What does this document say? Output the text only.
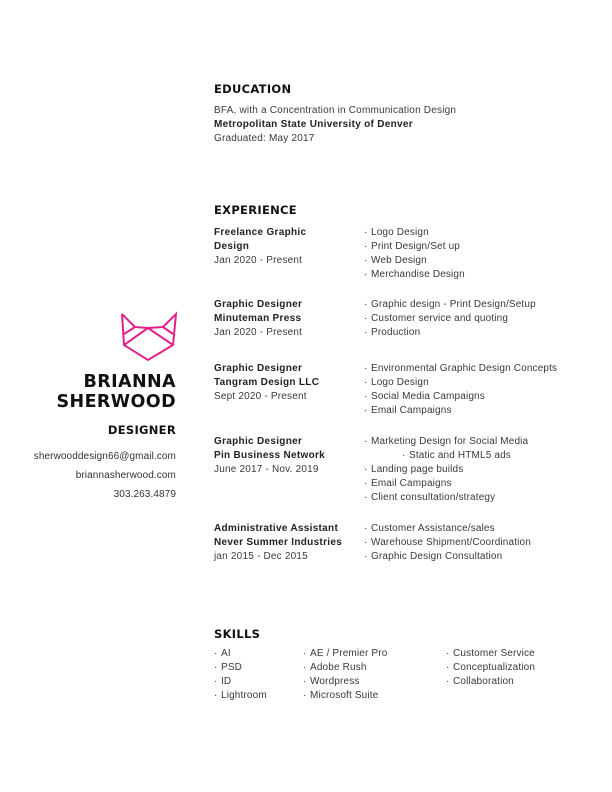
BRIANNA
SHERWOOD
DESIGNER
sherwooddesign66@gmail.com
briannasherwood.com
303.263.4879
EDUCATION
BFA, with a Concentration in Communication Design
Metropolitan State University of Denver
Graduated: May 2017
EXPERIENCE
Freelance Graphic
Design
Jan 2020 - Present
· Logo Design
· Print Design/Set up
· Web Design
· Merchandise Design
Graphic Designer
Minuteman Press
Jan 2020 - Present
· Graphic design - Print Design/Setup
· Customer service and quoting
· Production
Graphic Designer
Tangram Design LLC
Sept 2020 - Present
· Environmental Graphic Design Concepts
· Logo Design
· Social Media Campaigns
· Email Campaigns
Graphic Designer
Pin Business Network
June 2017 - Nov. 2019
· Marketing Design for Social Media
· Static and HTML5 ads
· Landing page builds
· Email Campaigns
· Client consultation/strategy
Administrative Assistant
Never Summer Industries
jan 2015 - Dec 2015
· Customer Assistance/sales
· Warehouse Shipment/Coordination
· Graphic Design Consultation
SKILLS
· AI
· PSD
· ID
· Lightroom
· AE / Premier Pro
· Adobe Rush
· Wordpress
· Microsoft Suite
· Customer Service
· Conceptualization
· Collaboration
